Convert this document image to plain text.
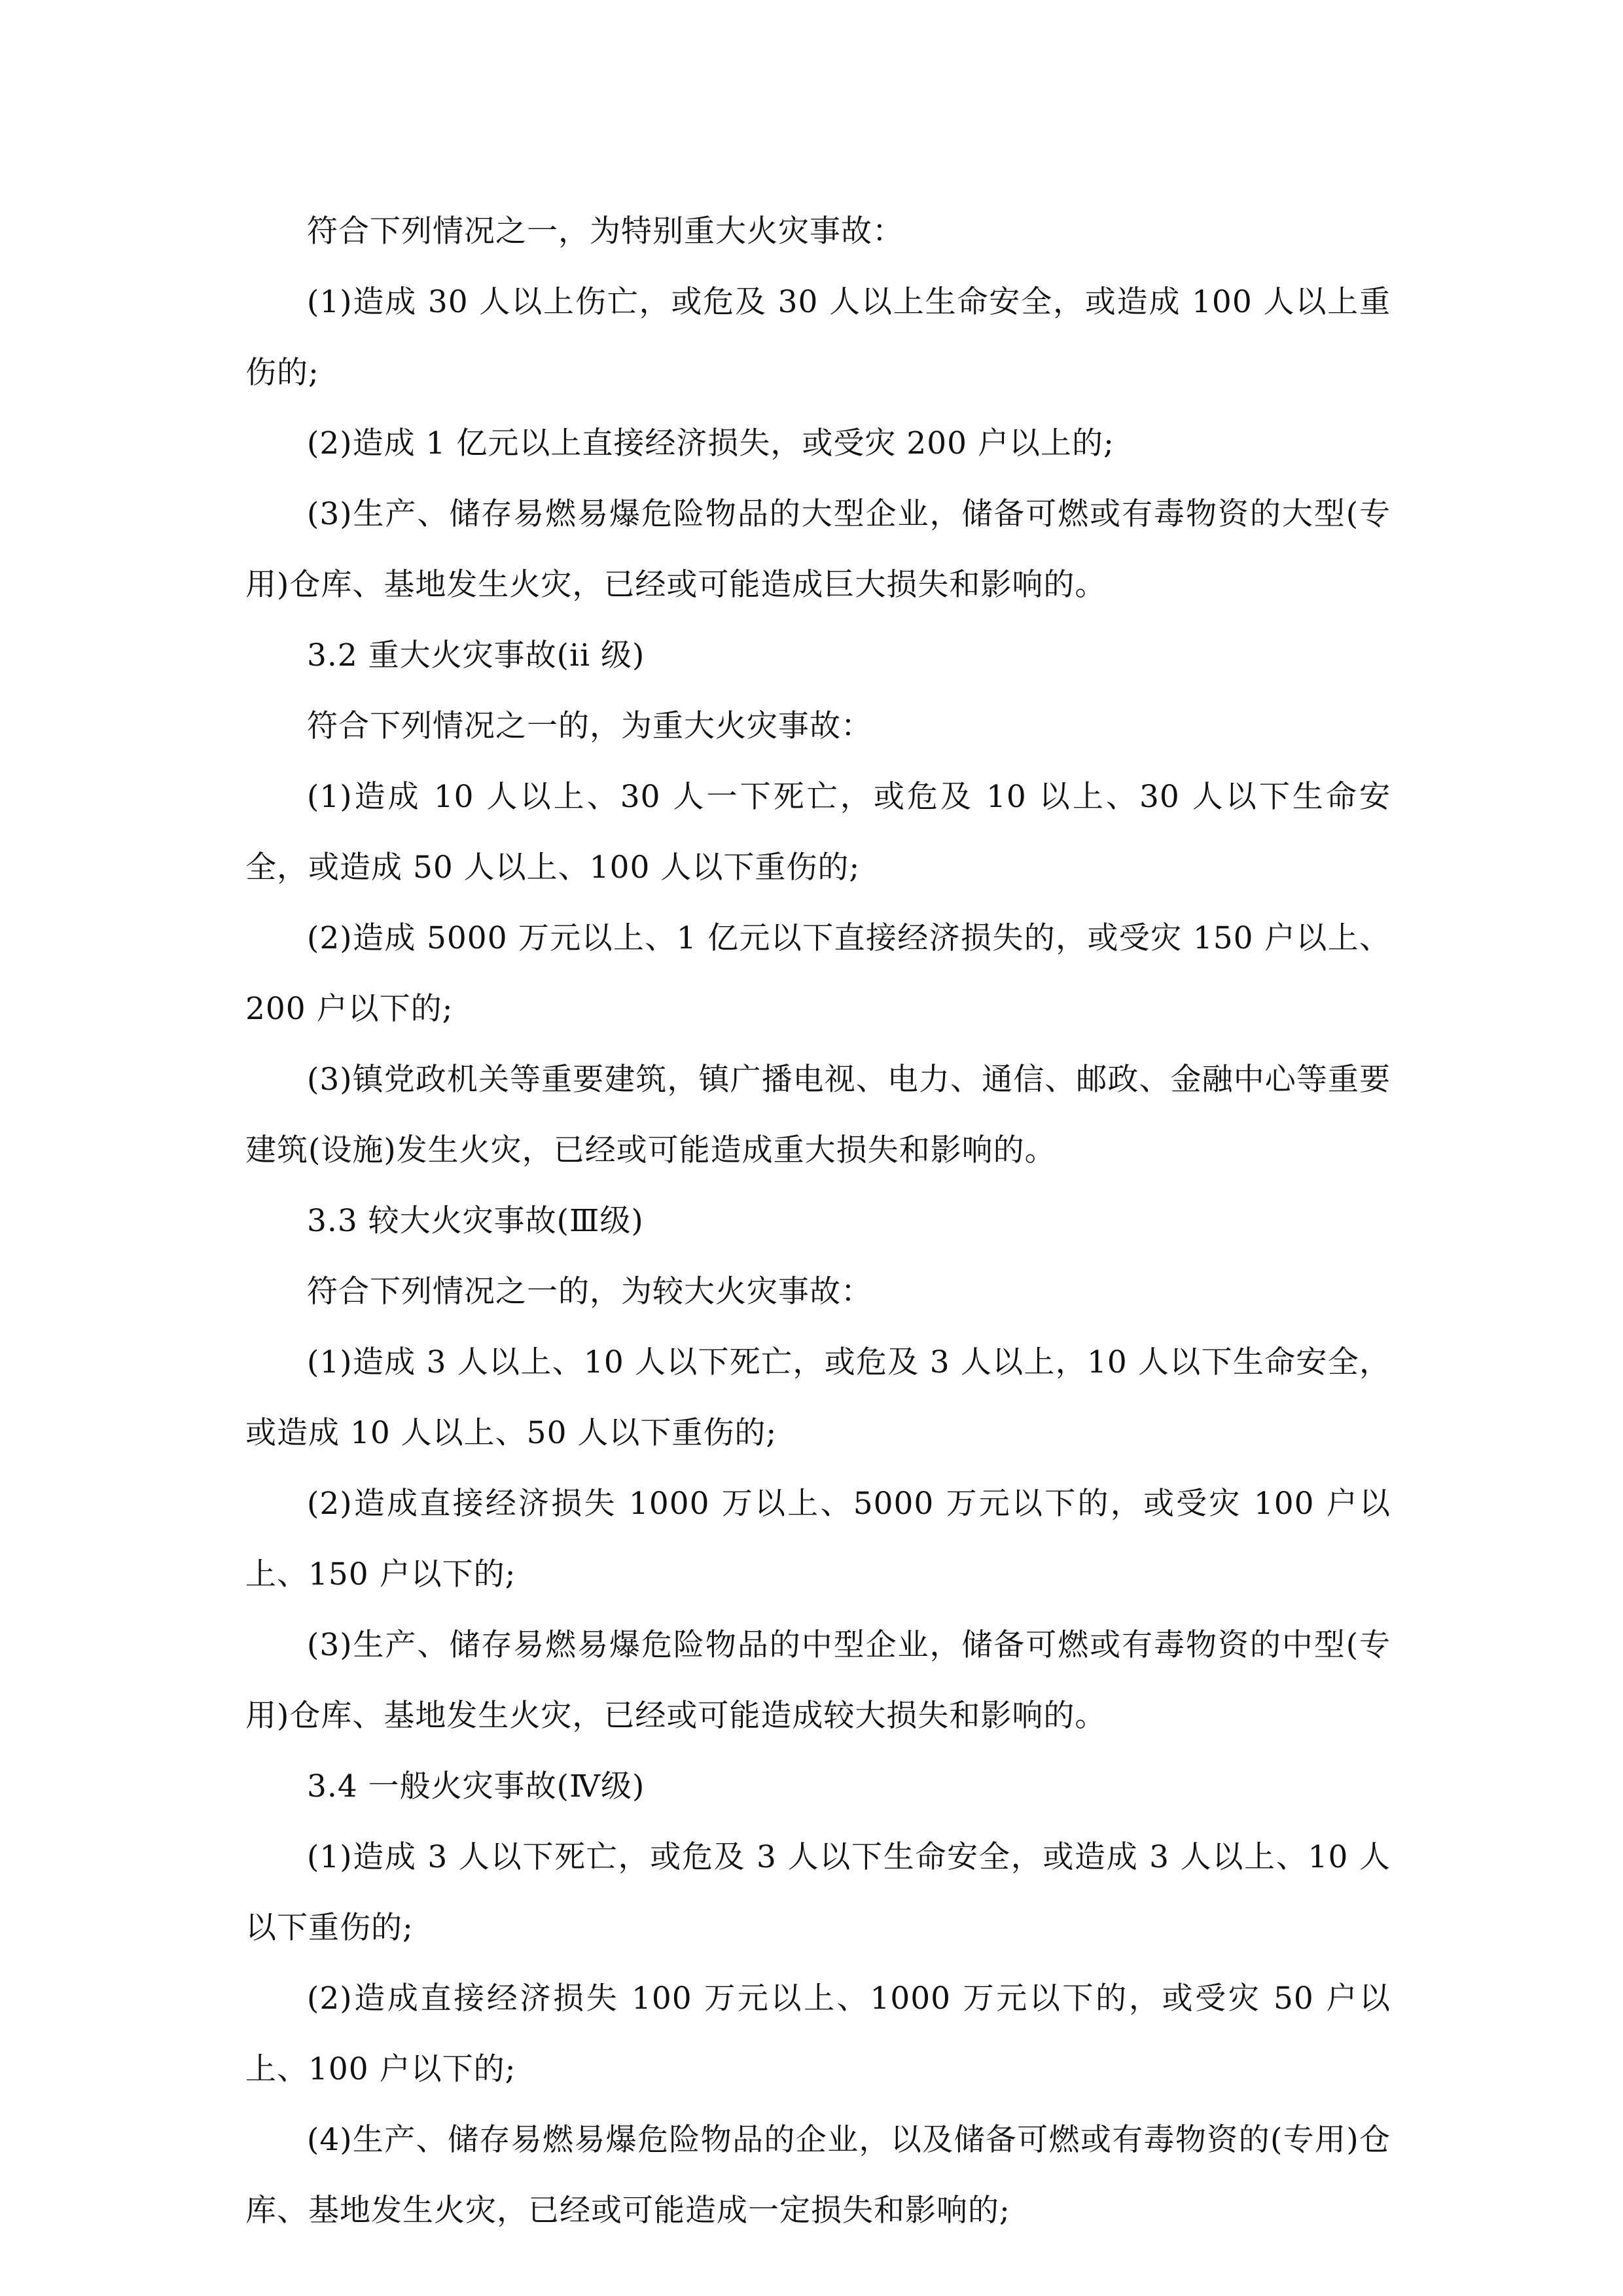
符合下列情况之一，为特别重大火灾事故：

(1)造成 30 人以上伤亡，或危及 30 人以上生命安全，或造成 100 人以上重伤的;

(2)造成 1 亿元以上直接经济损失，或受灾 200 户以上的;

(3)生产、储存易燃易爆危险物品的大型企业，储备可燃或有毒物资的大型(专用)仓库、基地发生火灾，已经或可能造成巨大损失和影响的。

3.2 重大火灾事故(ii 级)

符合下列情况之一的，为重大火灾事故：

(1)造成 10 人以上、30 人一下死亡，或危及 10 以上、30 人以下生命安全，或造成 50 人以上、100 人以下重伤的;

(2)造成 5000 万元以上、1 亿元以下直接经济损失的，或受灾 150 户以上、200 户以下的;

(3)镇党政机关等重要建筑，镇广播电视、电力、通信、邮政、金融中心等重要建筑(设施)发生火灾，已经或可能造成重大损失和影响的。

3.3 较大火灾事故(Ⅲ级)

符合下列情况之一的，为较大火灾事故：

(1)造成 3 人以上、10 人以下死亡，或危及 3 人以上，10 人以下生命安全，或造成 10 人以上、50 人以下重伤的;

(2)造成直接经济损失 1000 万以上、5000 万元以下的，或受灾 100 户以上、150 户以下的;

(3)生产、储存易燃易爆危险物品的中型企业，储备可燃或有毒物资的中型(专用)仓库、基地发生火灾，已经或可能造成较大损失和影响的。

3.4 一般火灾事故(Ⅳ级)

(1)造成 3 人以下死亡，或危及 3 人以下生命安全，或造成 3 人以上、10 人以下重伤的;

(2)造成直接经济损失 100 万元以上、1000 万元以下的，或受灾 50 户以上、100 户以下的;

(4)生产、储存易燃易爆危险物品的企业，以及储备可燃或有毒物资的(专用)仓库、基地发生火灾，已经或可能造成一定损失和影响的;
